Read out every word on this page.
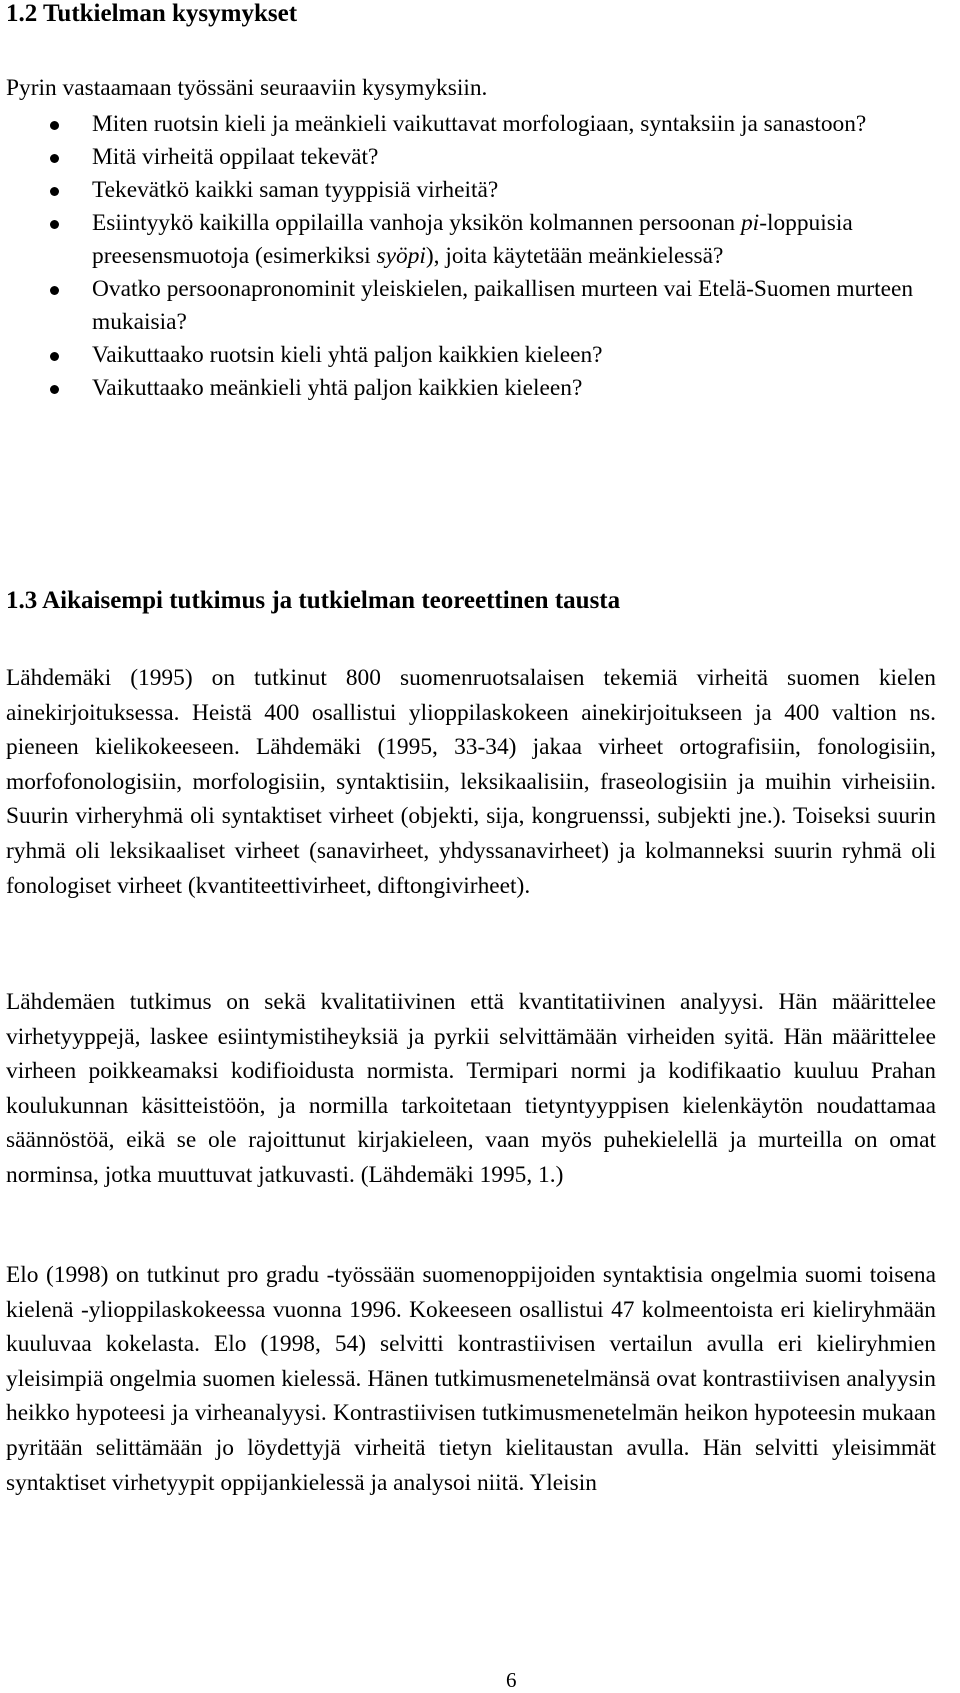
1.2 Tutkielman kysymykset
Pyrin vastaamaan työssäni seuraaviin kysymyksiin.
Miten ruotsin kieli ja meänkieli vaikuttavat morfologiaan, syntaksiin ja sanastoon?
Mitä virheitä oppilaat tekevät?
Tekevätkö kaikki saman tyyppisiä virheitä?
Esiintyykö kaikilla oppilailla vanhoja yksikön kolmannen persoonan pi-loppuisia preesensmuotoja (esimerkiksi syöpi), joita käytetään meänkielessä?
Ovatko persoonapronominit yleiskielen, paikallisen murteen vai Etelä-Suomen murteen mukaisia?
Vaikuttaako ruotsin kieli yhtä paljon kaikkien kieleen?
Vaikuttaako meänkieli yhtä paljon kaikkien kieleen?
1.3 Aikaisempi tutkimus ja tutkielman teoreettinen tausta

Lähdemäki (1995) on tutkinut 800 suomenruotsalaisen tekemiä virheitä suomen kielen ainekirjoituksessa. Heistä 400 osallistui ylioppilaskokeen ainekirjoitukseen ja 400 valtion ns. pieneen kielikokeeseen. Lähdemäki (1995, 33-34) jakaa virheet ortografisiin, fonologisiin, morfofonologisiin, morfologisiin, syntaktisiin, leksikaalisiin, fraseologisiin ja muihin virheisiin. Suurin virheryhmä oli syntaktiset virheet (objekti, sija, kongruenssi, subjekti jne.). Toiseksi suurin ryhmä oli leksikaaliset virheet (sanavirheet, yhdyssanavirheet) ja kolmanneksi suurin ryhmä oli fonologiset virheet (kvantiteettivirheet, diftongivirheet).

Lähdemäen tutkimus on sekä kvalitatiivinen että kvantitatiivinen analyysi. Hän määrittelee virhetyyppejä, laskee esiintymistiheyksiä ja pyrkii selvittämään virheiden syitä. Hän määrittelee virheen poikkeamaksi kodifioidusta normista. Termipari normi ja kodifikaatio kuuluu Prahan koulukunnan käsitteistöön, ja normilla tarkoitetaan tietyntyyppisen kielenkäytön noudattamaa säännöstöä, eikä se ole rajoittunut kirjakieleen, vaan myös puhekielellä ja murteilla on omat norminsa, jotka muuttuvat jatkuvasti. (Lähdemäki 1995, 1.)

Elo (1998) on tutkinut pro gradu -työssään suomenoppijoiden syntaktisia ongelmia suomi toisena kielenä -ylioppilaskokeessa vuonna 1996. Kokeeseen osallistui 47 kolmeentoista eri kieliryhmään kuuluvaa kokelasta. Elo (1998, 54) selvitti kontrastiivisen vertailun avulla eri kieliryhmien yleisimpiä ongelmia suomen kielessä. Hänen tutkimusmenetelmänsä ovat kontrastiivisen analyysin heikko hypoteesi ja virheanalyysi. Kontrastiivisen tutkimusmenetelmän heikon hypoteesin mukaan pyritään selittämään jo löydettyjä virheitä tietyn kielitaustan avulla. Hän selvitti yleisimmät syntaktiset virhetyypit oppijankielessä ja analysoi niitä. Yleisin

6
